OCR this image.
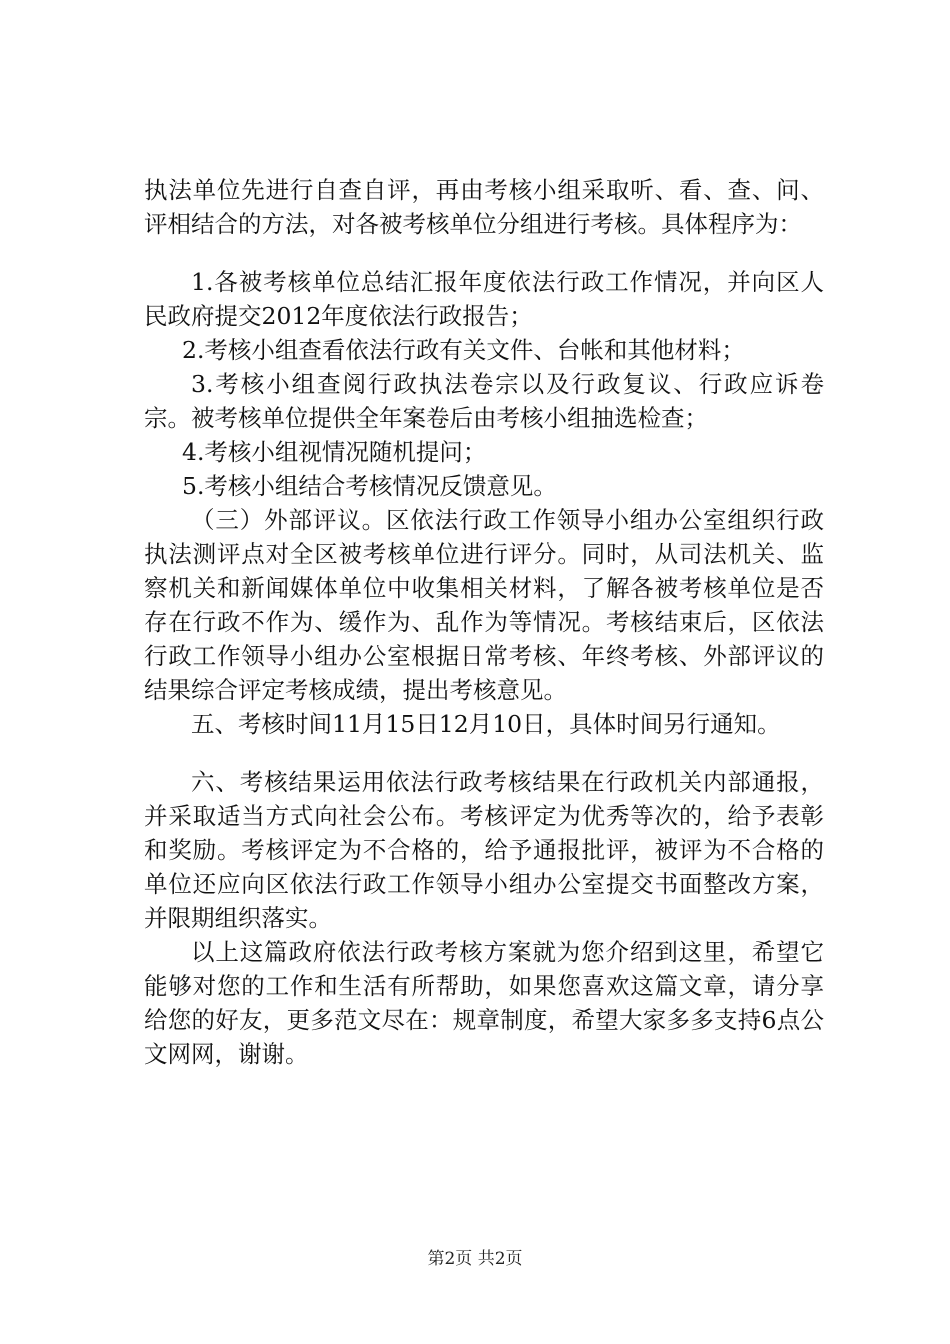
执法单位先进行自查自评，再由考核小组采取听、看、查、问、评相结合的方法，对各被考核单位分组进行考核。具体程序为：

1.各被考核单位总结汇报年度依法行政工作情况，并向区人民政府提交2012年度依法行政报告；

2.考核小组查看依法行政有关文件、台帐和其他材料；

3.考核小组查阅行政执法卷宗以及行政复议、行政应诉卷宗。被考核单位提供全年案卷后由考核小组抽选检查；

4.考核小组视情况随机提问；

5.考核小组结合考核情况反馈意见。

（三）外部评议。区依法行政工作领导小组办公室组织行政执法测评点对全区被考核单位进行评分。同时，从司法机关、监察机关和新闻媒体单位中收集相关材料，了解各被考核单位是否存在行政不作为、缓作为、乱作为等情况。考核结束后，区依法行政工作领导小组办公室根据日常考核、年终考核、外部评议的结果综合评定考核成绩，提出考核意见。

五、考核时间11月15日12月10日，具体时间另行通知。

六、考核结果运用依法行政考核结果在行政机关内部通报，并采取适当方式向社会公布。考核评定为优秀等次的，给予表彰和奖励。考核评定为不合格的，给予通报批评，被评为不合格的单位还应向区依法行政工作领导小组办公室提交书面整改方案，并限期组织落实。

以上这篇政府依法行政考核方案就为您介绍到这里，希望它能够对您的工作和生活有所帮助，如果您喜欢这篇文章，请分享给您的好友，更多范文尽在：规章制度，希望大家多多支持6点公文网网，谢谢。

第2页 共2页
